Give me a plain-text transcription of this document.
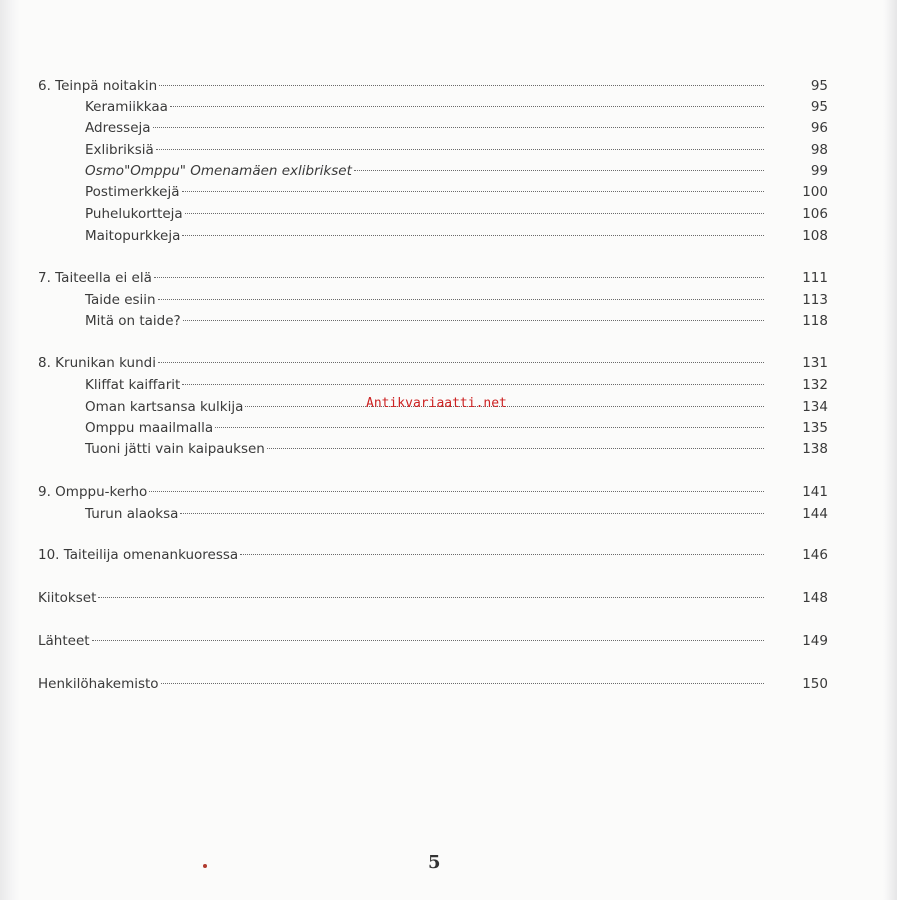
6. Teinpä noitakin	95
Keramiikkaa	95
Adresseja	96
Exlibriksiä	98
Osmo"Omppu" Omenamäen exlibrikset	99
Postimerkkejä	100
Puhelukortteja	106
Maitopurkkeja	108
7. Taiteella ei elä	111
Taide esiin	113
Mitä on taide?	118
8. Krunikan kundi	131
Kliffat kaiffarit	132
Oman kartsansa kulkija	134
Omppu maailmalla	135
Tuoni jätti vain kaipauksen	138
9. Omppu-kerho	141
Turun alaoksa	144
10. Taiteilija omenankuoressa	146
Kiitokset	148
Lähteet	149
Henkilöhakemisto	150
Antikvariaatti.net
5
